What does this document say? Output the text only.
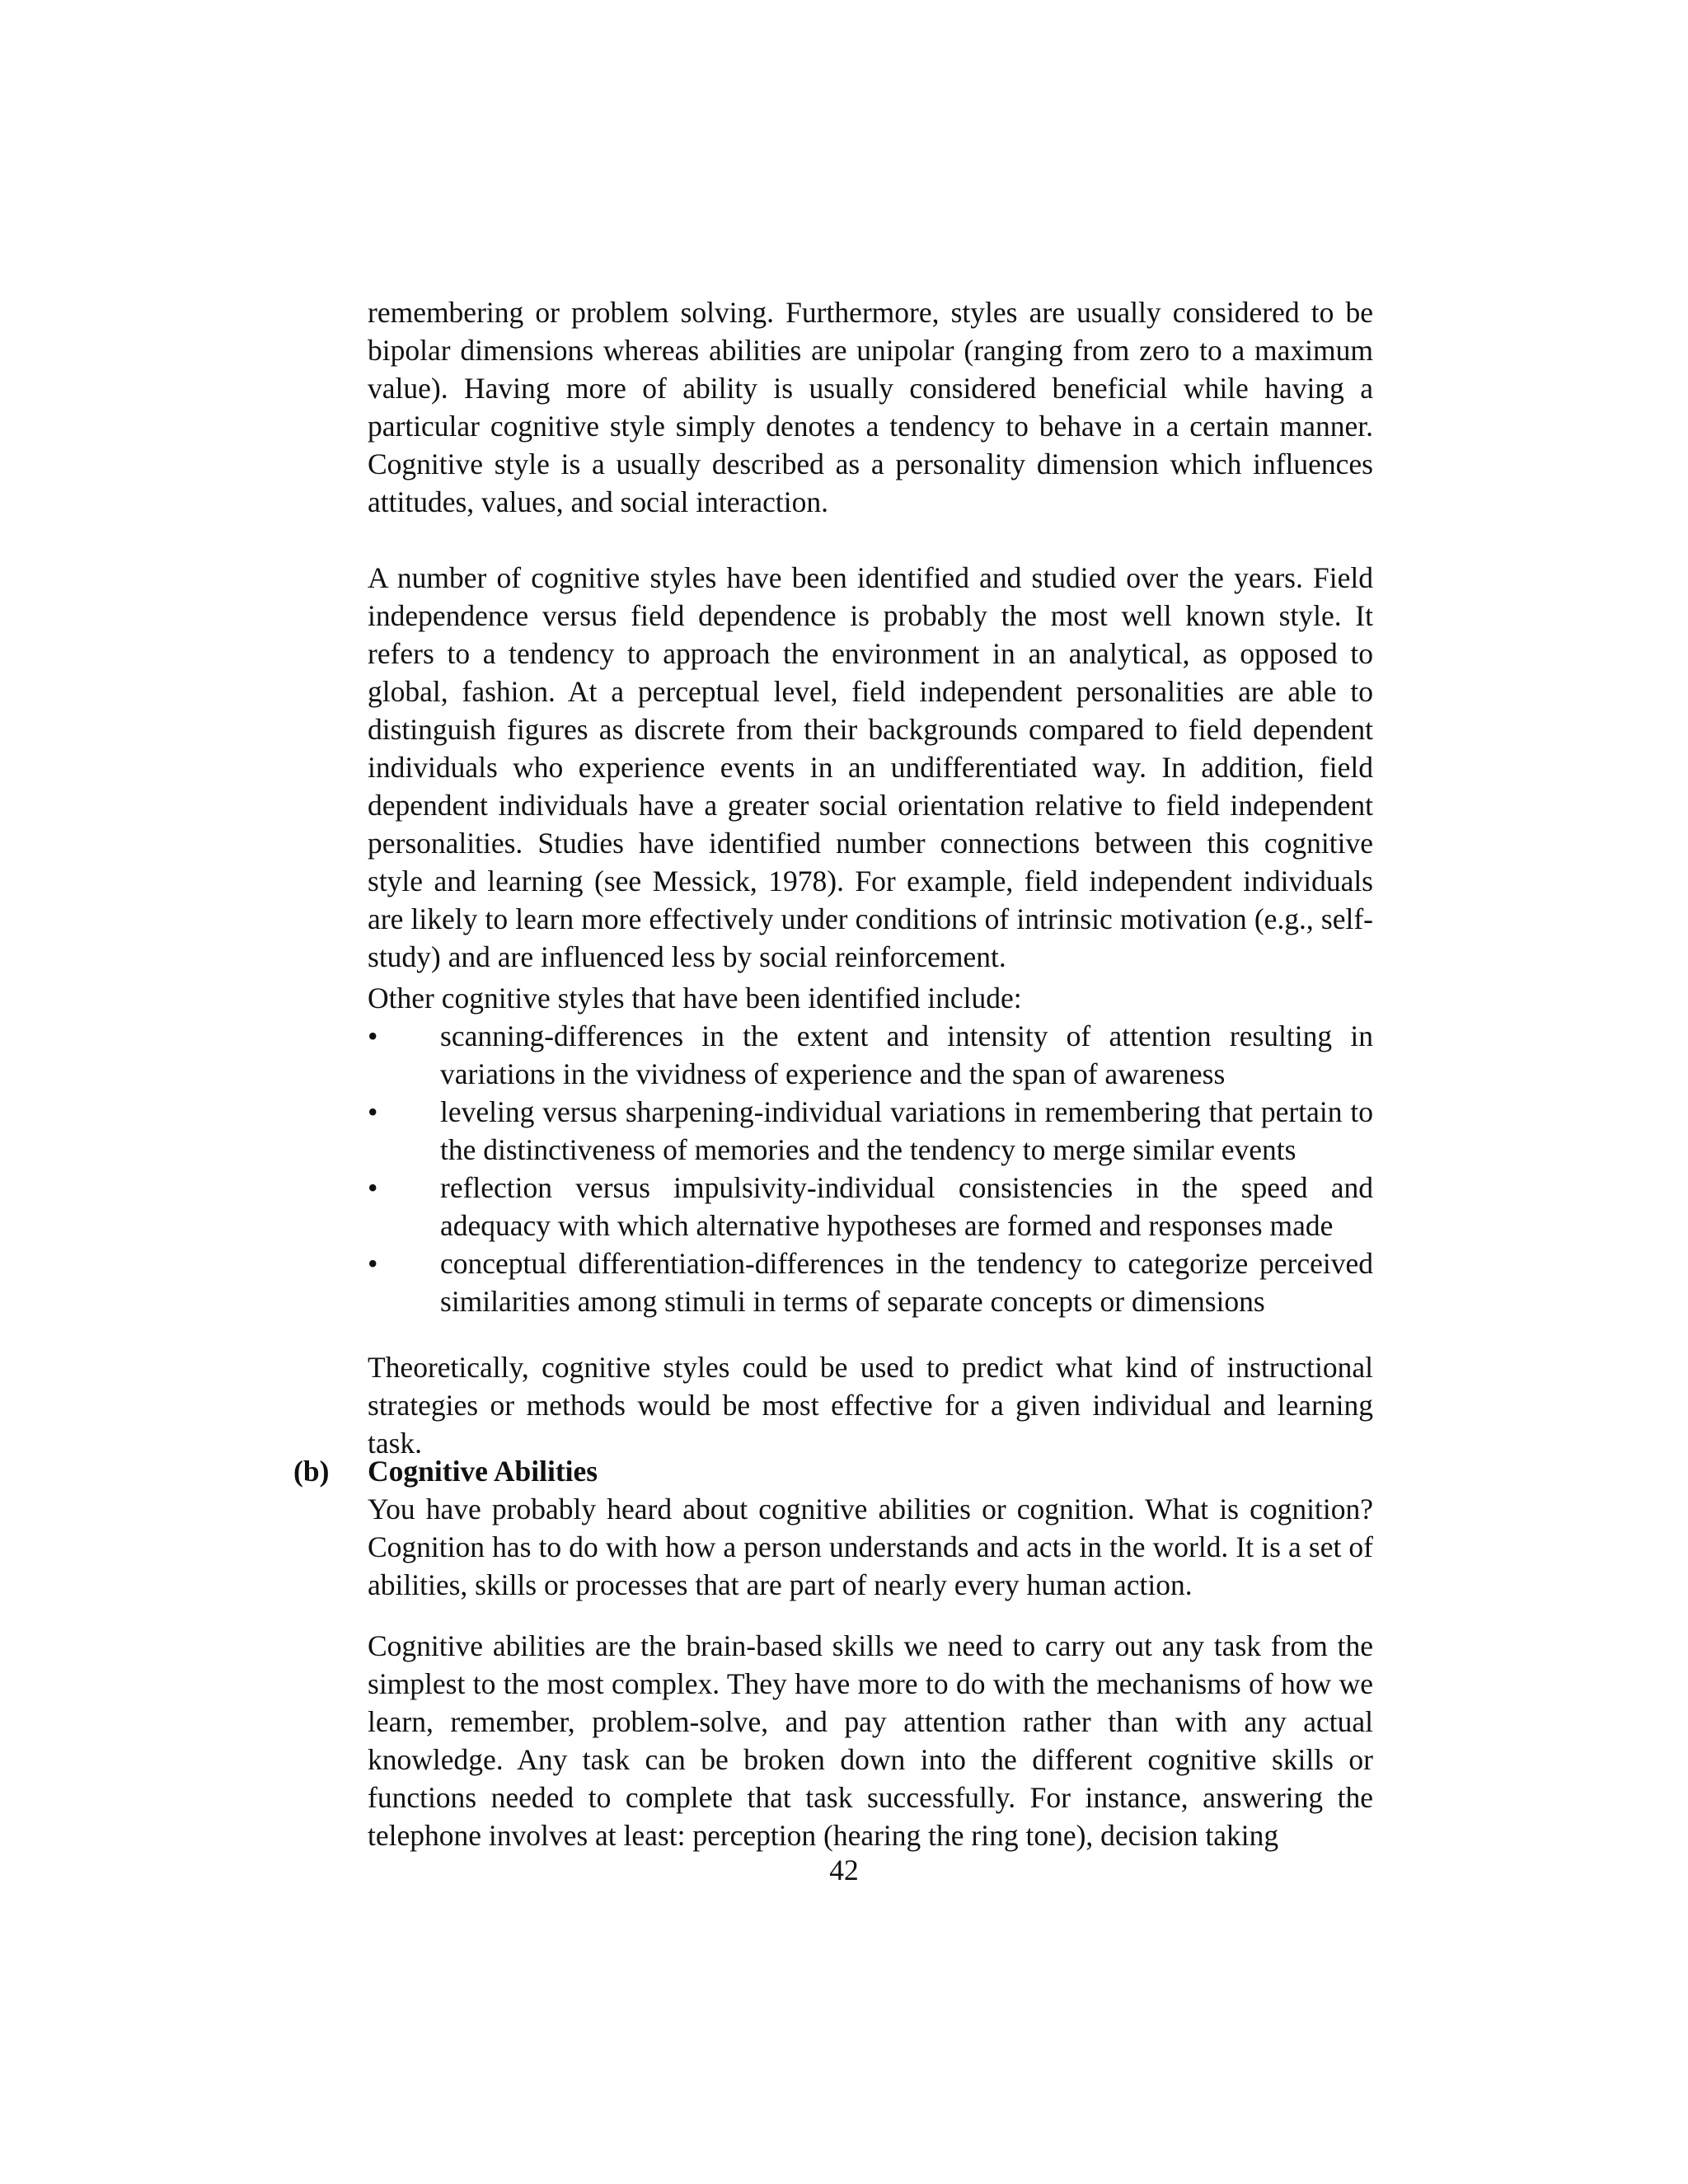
remembering or problem solving. Furthermore, styles are usually considered to be bipolar dimensions whereas abilities are unipolar (ranging from zero to a maximum value). Having more of ability is usually considered beneficial while having a particular cognitive style simply denotes a tendency to behave in a certain manner. Cognitive style is a usually described as a personality dimension which influences attitudes, values, and social interaction.

A number of cognitive styles have been identified and studied over the years. Field independence versus field dependence is probably the most well known style. It refers to a tendency to approach the environment in an analytical, as opposed to global, fashion. At a perceptual level, field independent personalities are able to distinguish figures as discrete from their backgrounds compared to field dependent individuals who experience events in an undifferentiated way. In addition, field dependent individuals have a greater social orientation relative to field independent personalities. Studies have identified number connections between this cognitive style and learning (see Messick, 1978). For example, field independent individuals are likely to learn more effectively under conditions of intrinsic motivation (e.g., self-study) and are influenced less by social reinforcement.

Other cognitive styles that have been identified include:

• scanning-differences in the extent and intensity of attention resulting in variations in the vividness of experience and the span of awareness
• leveling versus sharpening-individual variations in remembering that pertain to the distinctiveness of memories and the tendency to merge similar events
• reflection versus impulsivity-individual consistencies in the speed and adequacy with which alternative hypotheses are formed and responses made
• conceptual differentiation-differences in the tendency to categorize perceived similarities among stimuli in terms of separate concepts or dimensions

Theoretically, cognitive styles could be used to predict what kind of instructional strategies or methods would be most effective for a given individual and learning task.

(b) Cognitive Abilities

You have probably heard about cognitive abilities or cognition. What is cognition? Cognition has to do with how a person understands and acts in the world. It is a set of abilities, skills or processes that are part of nearly every human action.

Cognitive abilities are the brain-based skills we need to carry out any task from the simplest to the most complex. They have more to do with the mechanisms of how we learn, remember, problem-solve, and pay attention rather than with any actual knowledge. Any task can be broken down into the different cognitive skills or functions needed to complete that task successfully. For instance, answering the telephone involves at least: perception (hearing the ring tone), decision taking

42
